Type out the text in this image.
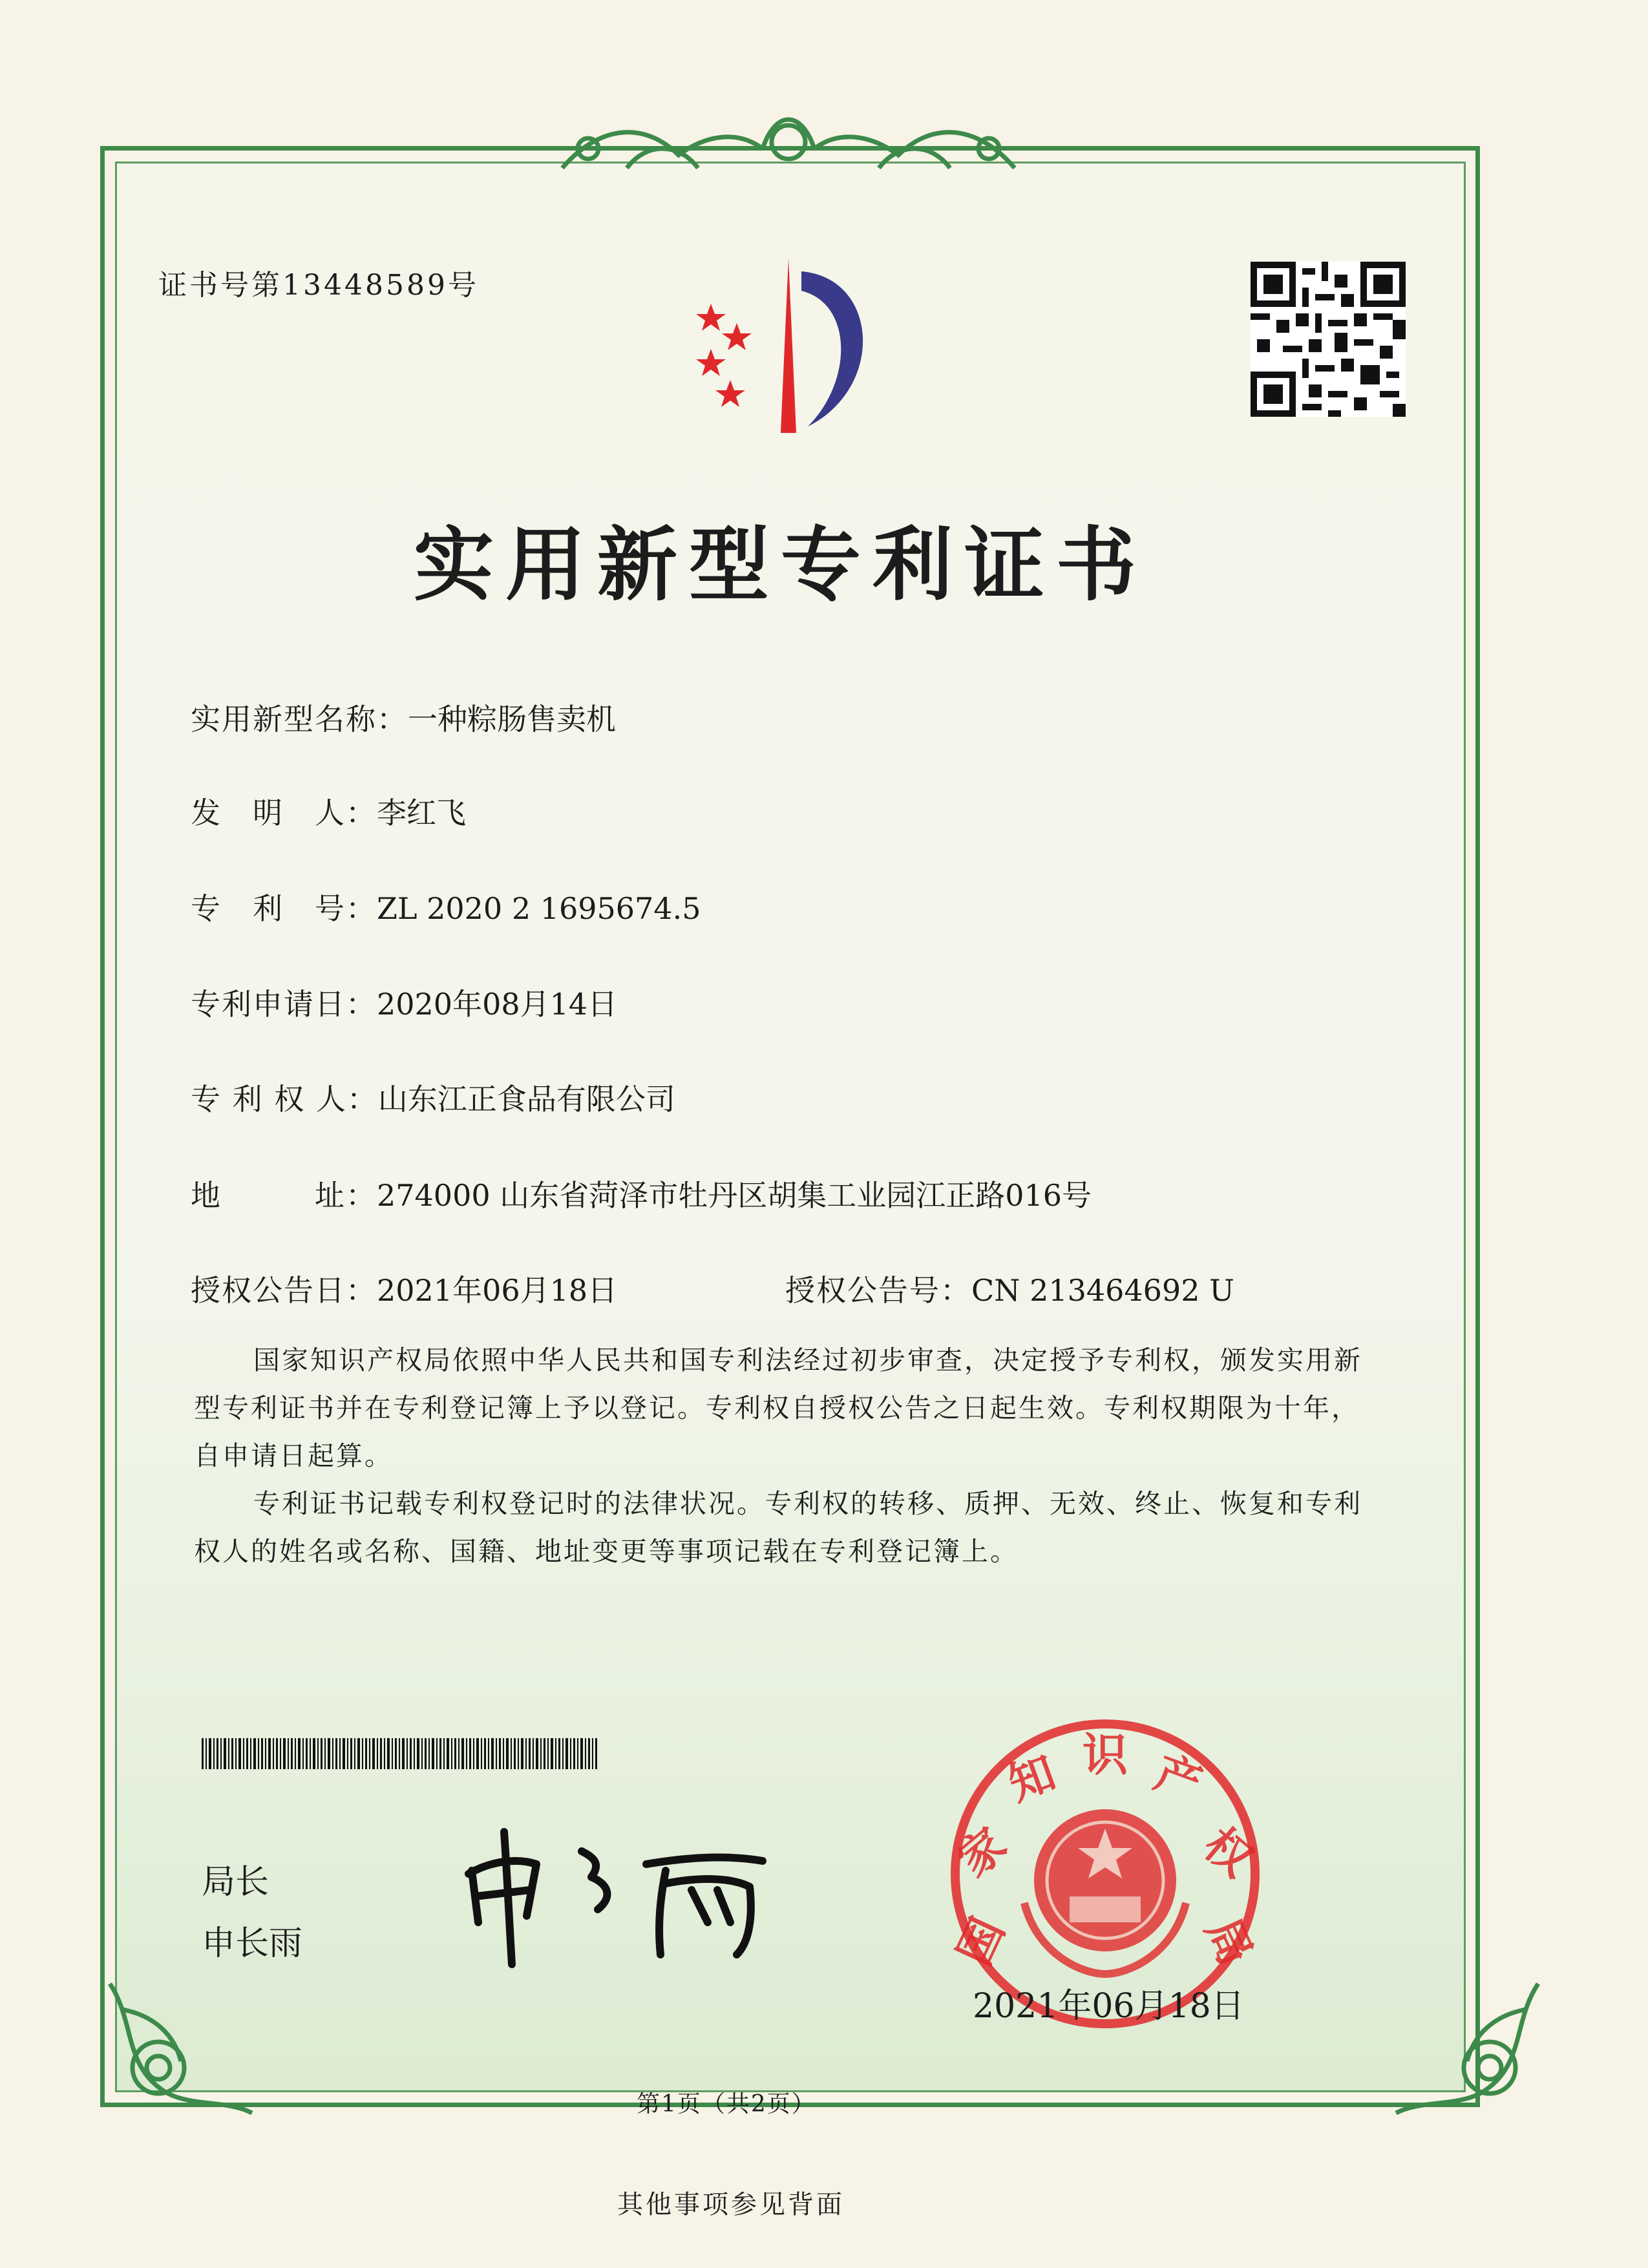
证书号第13448589号
实用新型专利证书
实用新型名称：一种粽肠售卖机
发　明　人：李红飞
专　利　号：ZL 2020 2 1695674.5
专利申请日：2020年08月14日
专 利 权 人：山东江正食品有限公司
地　　　址：274000 山东省菏泽市牡丹区胡集工业园江正路016号
授权公告日：2021年06月18日	授权公告号：CN 213464692 U

国家知识产权局依照中华人民共和国专利法经过初步审查，决定授予专利权，颁发实用新型专利证书并在专利登记簿上予以登记。专利权自授权公告之日起生效。专利权期限为十年，自申请日起算。

专利证书记载专利权登记时的法律状况。专利权的转移、质押、无效、终止、恢复和专利权人的姓名或名称、国籍、地址变更等事项记载在专利登记簿上。

局长
申长雨	国
家
知 识 产
权
局
2021年06月18日
第1页（共2页）
其他事项参见背面
